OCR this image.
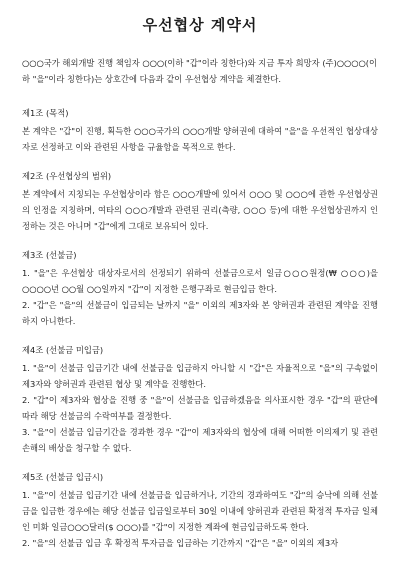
우선협상 계약서

○○○국가 해외개발 진행 책임자 ○○○(이하 "갑"이라 칭한다)와 지금 투자 희망자 (주)○○○○(이하 "을"이라 칭한다)는 상호간에 다음과 같이 우선협상 계약을 체결한다.

제1조 (목적)

본 계약은 "갑"이 진행, 획득한 ○○○국가의 ○○○개발 양허권에 대하여 "을"을 우선적인 협상대상자로 선정하고 이와 관련된 사항을 규율함을 목적으로 한다.

제2조 (우선협상의 범위)

본 계약에서 지칭되는 우선협상이라 함은 ○○○개발에 있어서 ○○○ 및 ○○○에 관한 우선협상권의 인정을 지칭하며, 여타의 ○○○개발과 관련된 권리(측량, ○○○ 등)에 대한 우선협상권까지 인정하는 것은 아니며 "갑"에게 그대로 보유되어 있다.

제3조 (선불금)

1. "을"은 우선협상 대상자로서의 선정되기 위하여 선불금으로서 일금○○○원정(₩ ○○○)을 ○○○○년 ○○월 ○○일까지 "갑"이 지정한 은행구좌로 현금입금 한다.

2. "갑"은 "을"의 선불금이 입금되는 날까지 "을" 이외의 제3자와 본 양허권과 관련된 계약을 진행하지 아니한다.

제4조 (선불금 미입금)

1. "을"이 선불금 입금기간 내에 선불금을 입금하지 아니할 시 "갑"은 자율적으로 "을"의 구속없이 제3자와 양허권과 관련된 협상 및 계약을 진행한다.

2. "갑"이 제3자와 협상을 진행 중 "을"이 선불금을 입금하겠음을 의사표시한 경우 "갑"의 판단에 따라 해당 선불금의 수락여부를 결정한다.

3. "을"이 선불금 입금기간을 경과한 경우 "갑"이 제3자와의 협상에 대해 어떠한 이의제기 및 관련 손해의 배상을 청구할 수 없다.

제5조 (선불금 입금시)

1. "을"이 선불금 입금기간 내에 선불금을 입금하거나, 기간의 경과하여도 "갑"의 승낙에 의해 선불금을 입금한 경우에는 해당 선불금 입금일로부터 30일 이내에 양허권과 관련된 확정적 투자금 일체인 미화 일금○○○달러($ ○○○)를 "갑"이 지정한 계좌에 현금입금하도록 한다.

2. "을"의 선불금 입금 후 확정적 투자금을 입금하는 기간까지 "갑"은 "을" 이외의 제3자
